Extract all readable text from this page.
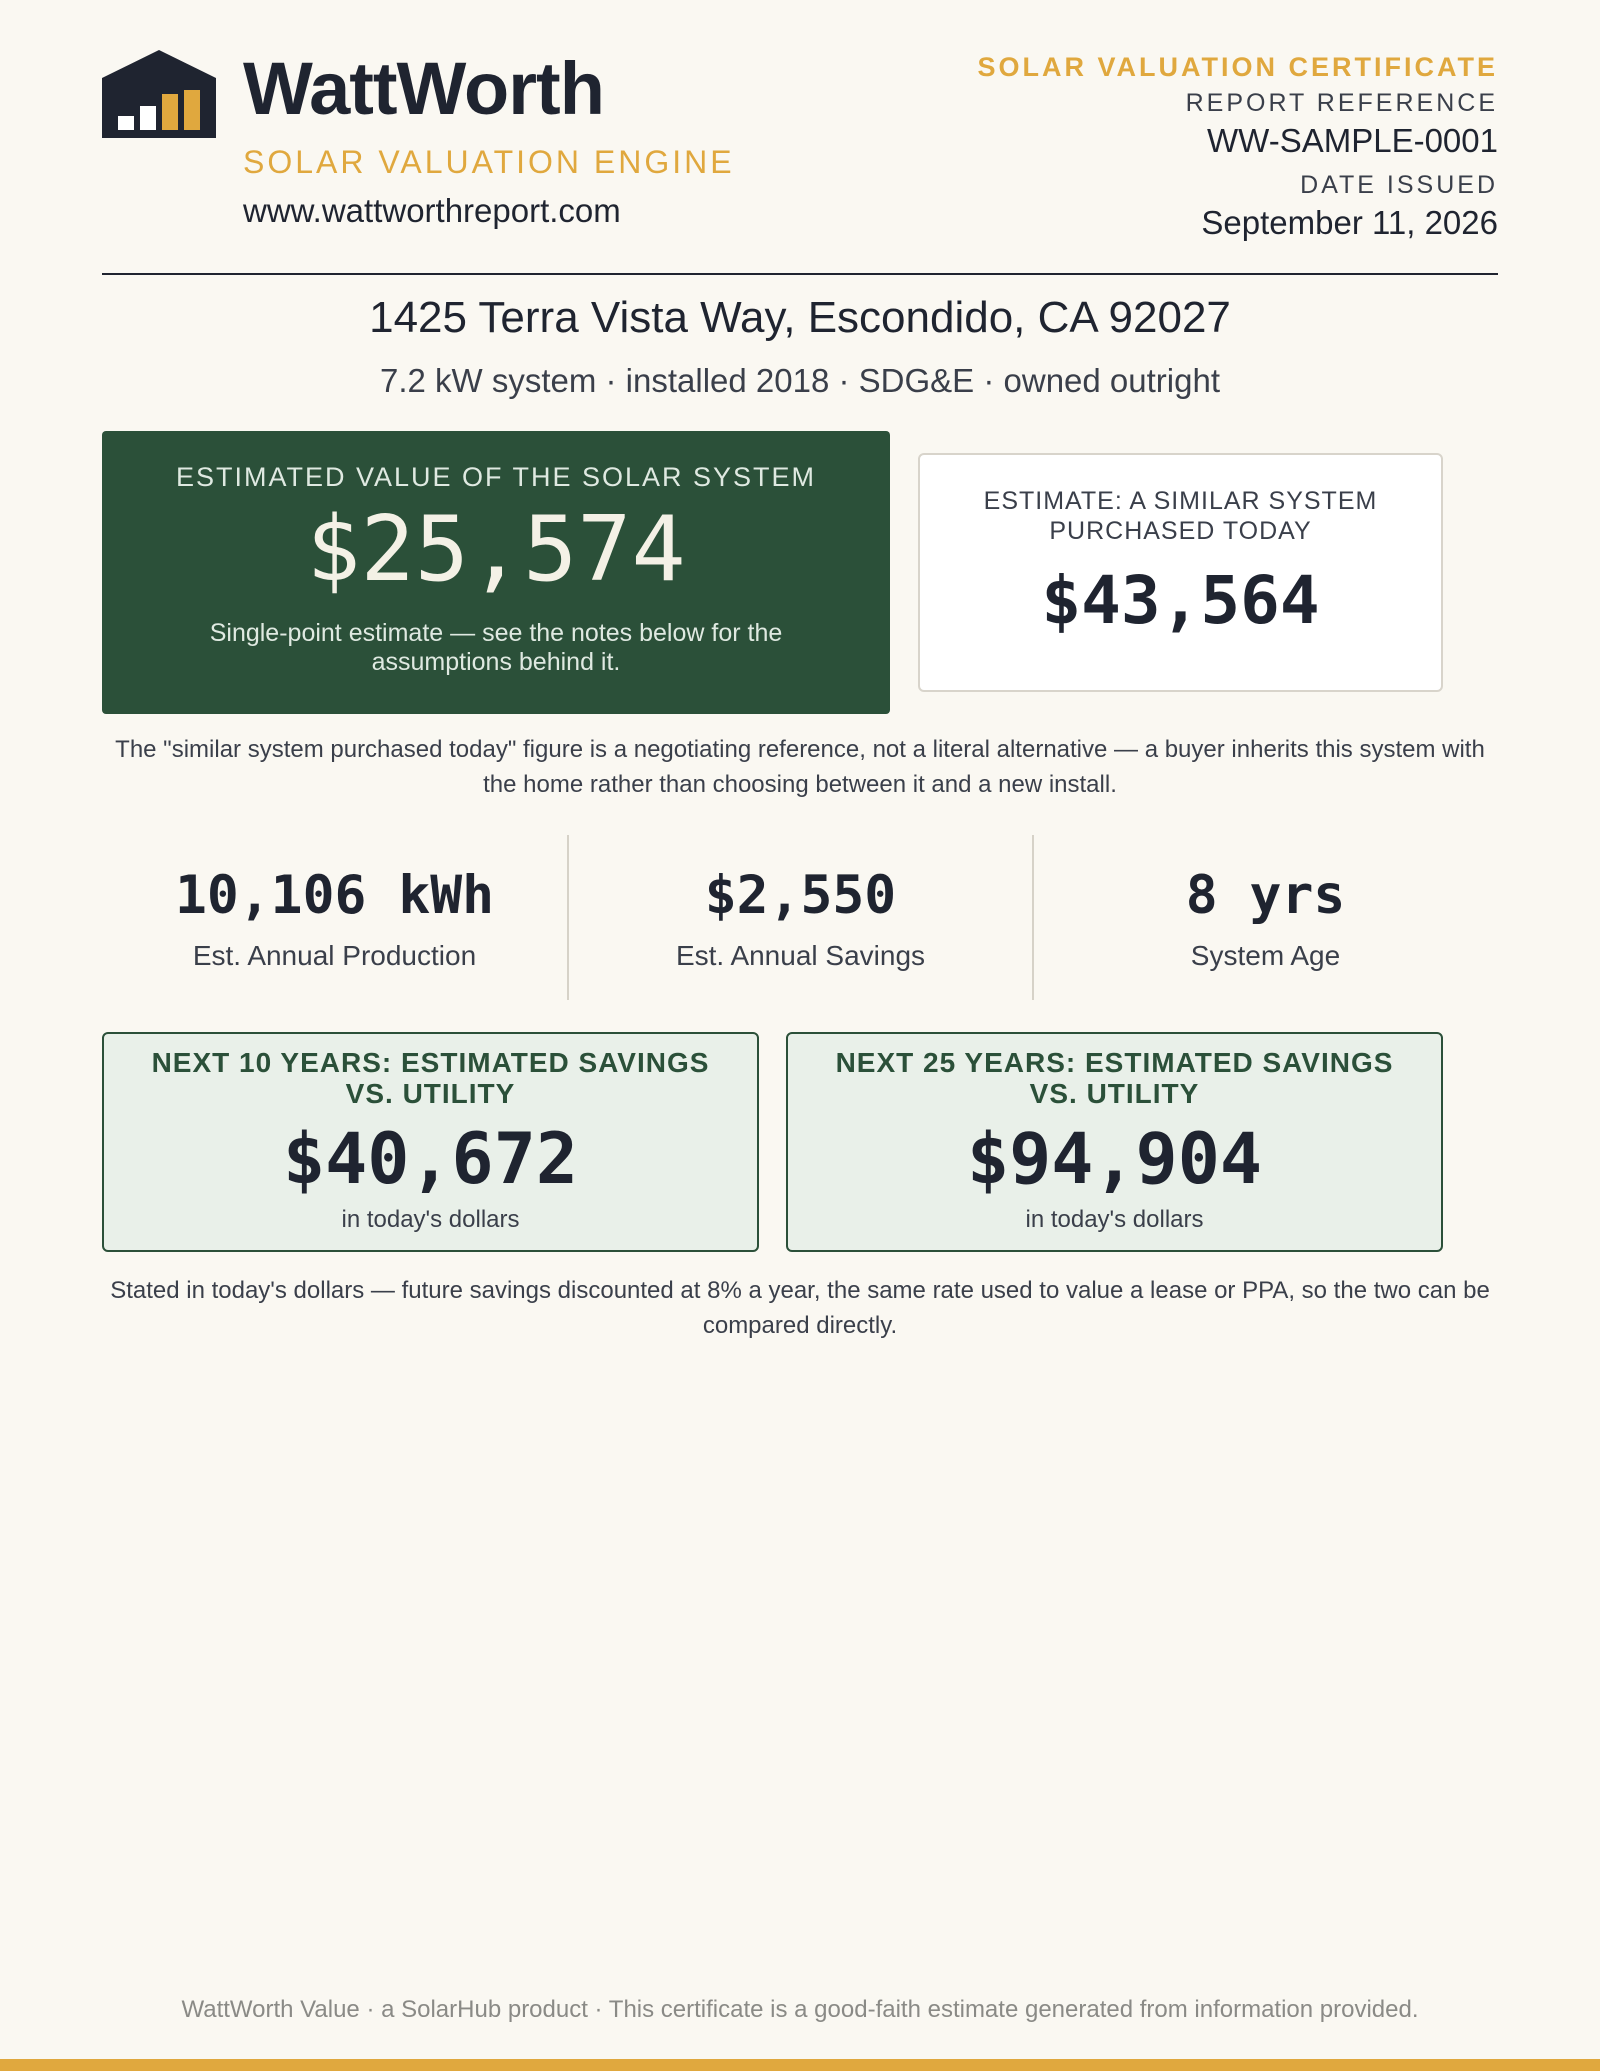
WattWorth
SOLAR VALUATION ENGINE
www.wattworthreport.com
SOLAR VALUATION CERTIFICATE
REPORT REFERENCE
WW-SAMPLE-0001
DATE ISSUED
September 11, 2026
1425 Terra Vista Way, Escondido, CA 92027
7.2 kW system · installed 2018 · SDG&E · owned outright
ESTIMATED VALUE OF THE SOLAR SYSTEM
$25,574
Single-point estimate — see the notes below for the assumptions behind it.
ESTIMATE: A SIMILAR SYSTEM PURCHASED TODAY
$43,564
The "similar system purchased today" figure is a negotiating reference, not a literal alternative — a buyer inherits this system with the home rather than choosing between it and a new install.
10,106 kWh
Est. Annual Production
$2,550
Est. Annual Savings
8 yrs
System Age
NEXT 10 YEARS: ESTIMATED SAVINGS VS. UTILITY
$40,672
in today's dollars
NEXT 25 YEARS: ESTIMATED SAVINGS VS. UTILITY
$94,904
in today's dollars
Stated in today's dollars — future savings discounted at 8% a year, the same rate used to value a lease or PPA, so the two can be compared directly.
WattWorth Value · a SolarHub product · This certificate is a good-faith estimate generated from information provided.
